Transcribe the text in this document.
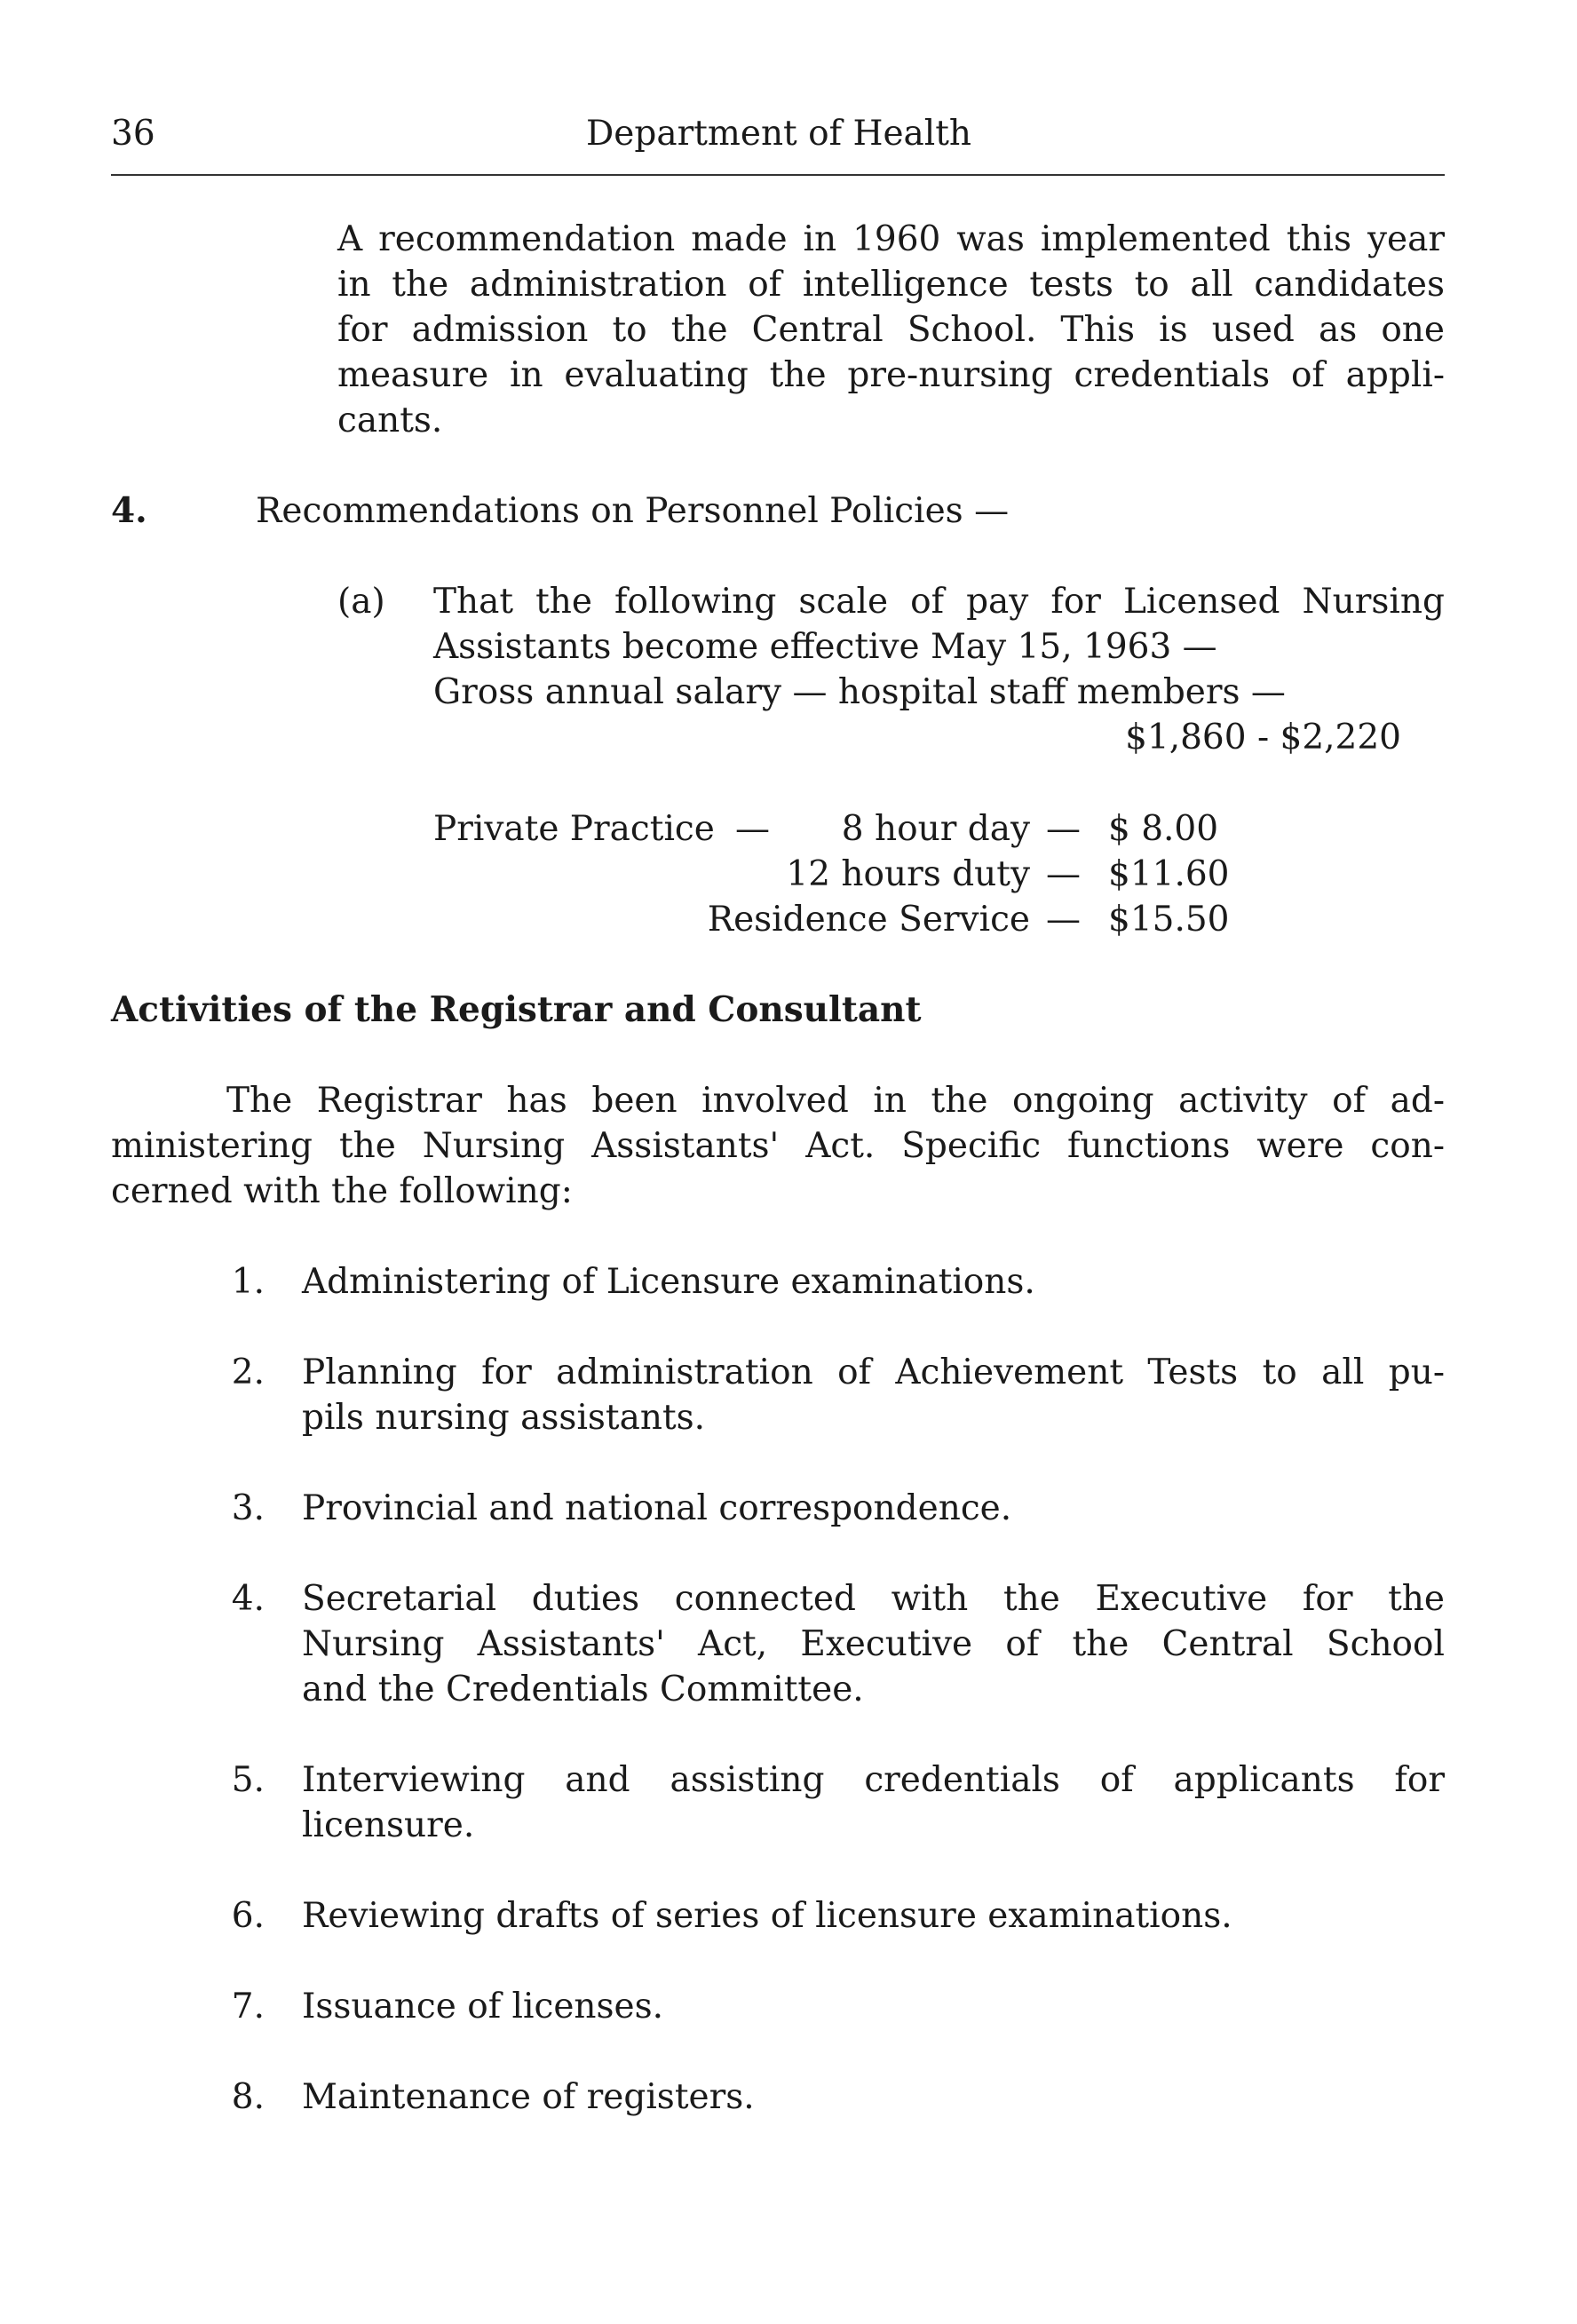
36	Department of Health
A recommendation made in 1960 was implemented this year
in the administration of intelligence tests to all candidates
for admission to the Central School. This is used as one
measure in evaluating the pre-nursing credentials of appli-
cants.
4.	Recommendations on Personnel Policies —
(a) That the following scale of pay for Licensed Nursing
Assistants become effective May 15, 1963 —
Gross annual salary — hospital staff members —
$1,860 - $2,220
Private Practice —	8 hour day — $ 8.00
12 hours duty — $11.60
Residence Service — $15.50
Activities of the Registrar and Consultant
The Registrar has been involved in the ongoing activity of ad-
ministering the Nursing Assistants' Act. Specific functions were con-
cerned with the following:
1. Administering of Licensure examinations.
2. Planning for administration of Achievement Tests to all pu-
pils nursing assistants.
3. Provincial and national correspondence.
4. Secretarial duties connected with the Executive for the
Nursing Assistants' Act, Executive of the Central School
and the Credentials Committee.
5. Interviewing and assisting credentials of applicants for
licensure.
6. Reviewing drafts of series of licensure examinations.
7. Issuance of licenses.
8. Maintenance of registers.
